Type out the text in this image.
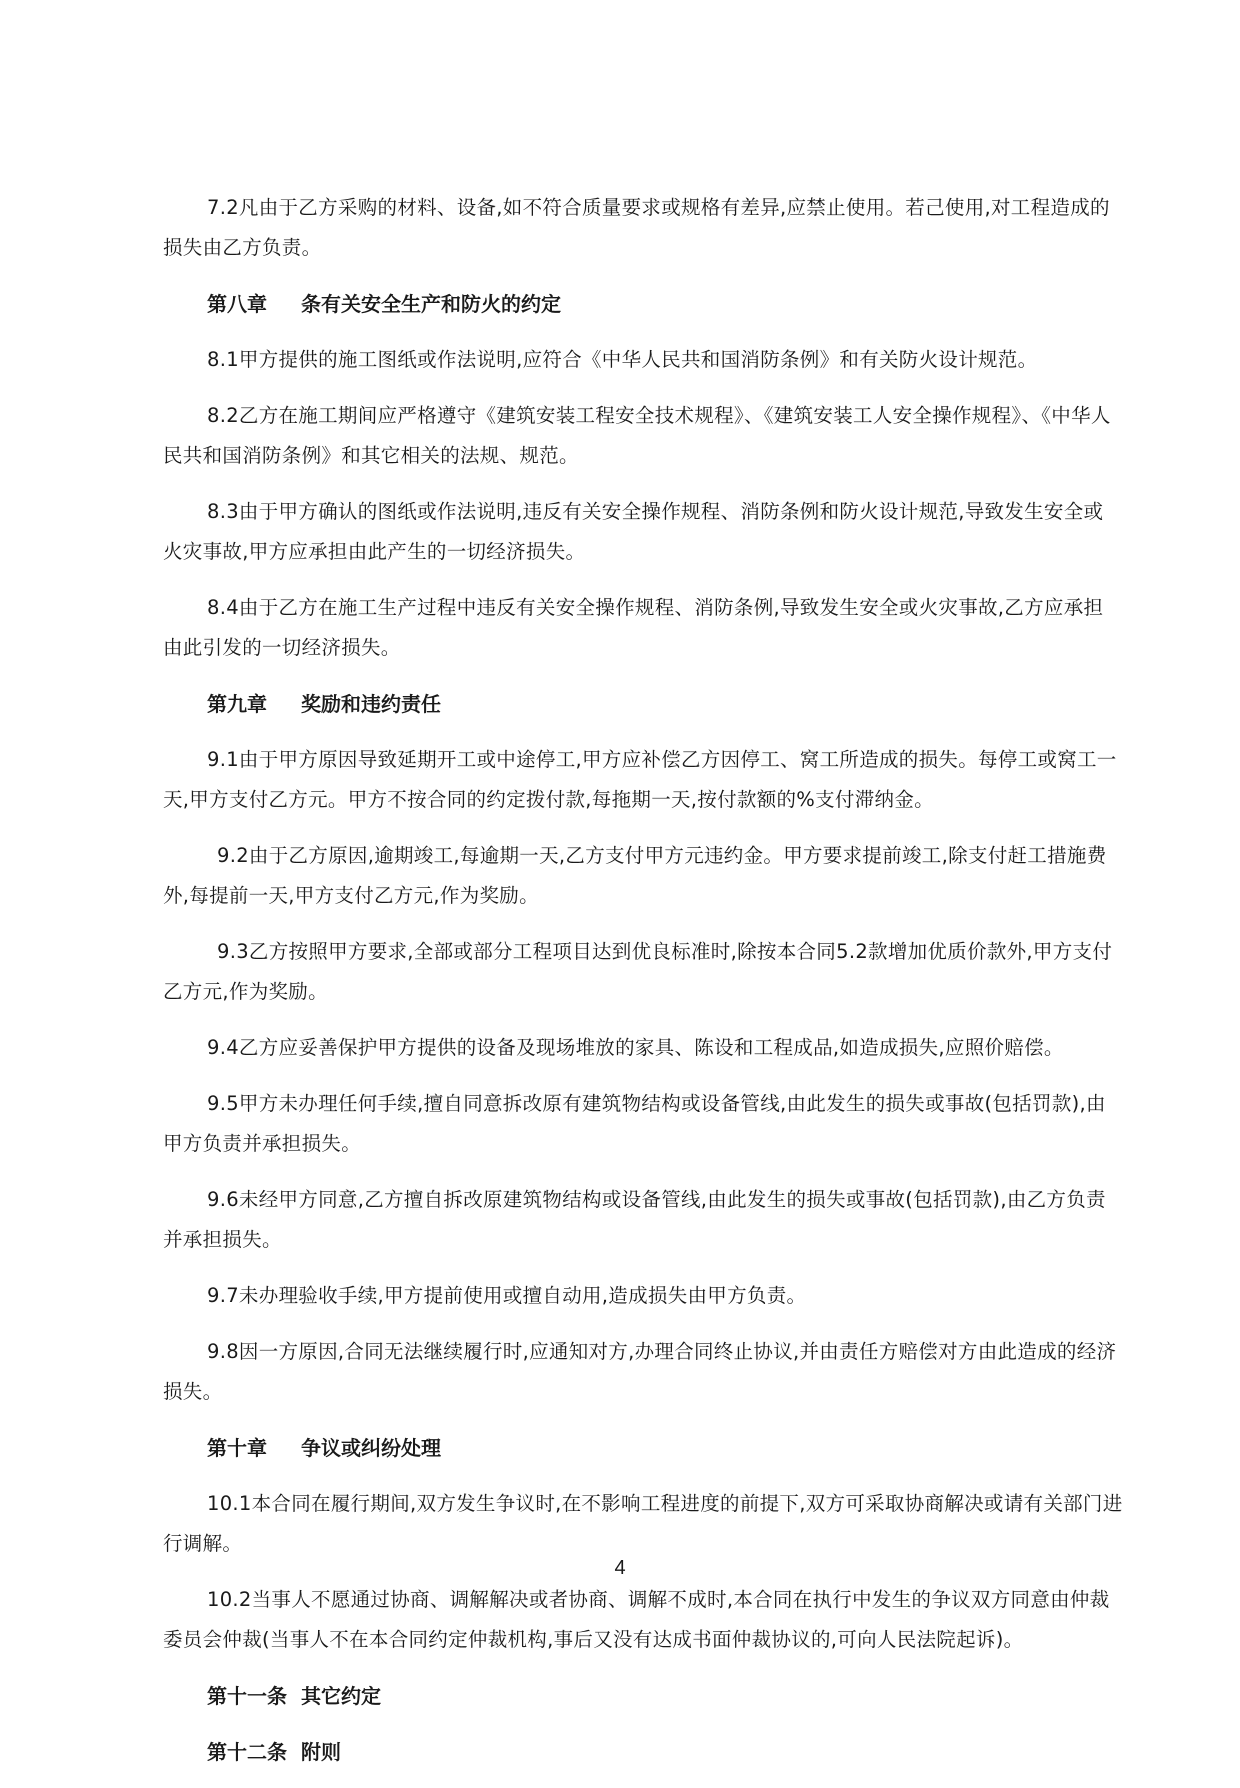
7.2凡由于乙方采购的材料、设备,如不符合质量要求或规格有差异,应禁止使用。若己使用,对工程造成的损失由乙方负责。

第八章 条有关安全生产和防火的约定

8.1甲方提供的施工图纸或作法说明,应符合《中华人民共和国消防条例》和有关防火设计规范。

8.2乙方在施工期间应严格遵守《建筑安装工程安全技术规程》、《建筑安装工人安全操作规程》、《中华人民共和国消防条例》和其它相关的法规、规范。

8.3由于甲方确认的图纸或作法说明,违反有关安全操作规程、消防条例和防火设计规范,导致发生安全或火灾事故,甲方应承担由此产生的一切经济损失。

8.4由于乙方在施工生产过程中违反有关安全操作规程、消防条例,导致发生安全或火灾事故,乙方应承担由此引发的一切经济损失。

第九章 奖励和违约责任

9.1由于甲方原因导致延期开工或中途停工,甲方应补偿乙方因停工、窝工所造成的损失。每停工或窝工一天,甲方支付乙方元。甲方不按合同的约定拨付款,每拖期一天,按付款额的%支付滞纳金。

9.2由于乙方原因,逾期竣工,每逾期一天,乙方支付甲方元违约金。甲方要求提前竣工,除支付赶工措施费外,每提前一天,甲方支付乙方元,作为奖励。

9.3乙方按照甲方要求,全部或部分工程项目达到优良标准时,除按本合同5.2款增加优质价款外,甲方支付乙方元,作为奖励。

9.4乙方应妥善保护甲方提供的设备及现场堆放的家具、陈设和工程成品,如造成损失,应照价赔偿。

9.5甲方未办理任何手续,擅自同意拆改原有建筑物结构或设备管线,由此发生的损失或事故(包括罚款),由甲方负责并承担损失。

9.6未经甲方同意,乙方擅自拆改原建筑物结构或设备管线,由此发生的损失或事故(包括罚款),由乙方负责并承担损失。

9.7未办理验收手续,甲方提前使用或擅自动用,造成损失由甲方负责。

9.8因一方原因,合同无法继续履行时,应通知对方,办理合同终止协议,并由责任方赔偿对方由此造成的经济损失。

第十章 争议或纠纷处理

10.1本合同在履行期间,双方发生争议时,在不影响工程进度的前提下,双方可采取协商解决或请有关部门进行调解。

10.2当事人不愿通过协商、调解解决或者协商、调解不成时,本合同在执行中发生的争议双方同意由仲裁委员会仲裁(当事人不在本合同约定仲裁机构,事后又没有达成书面仲裁协议的,可向人民法院起诉)。

第十一条 其它约定
第十二条 附则
4
